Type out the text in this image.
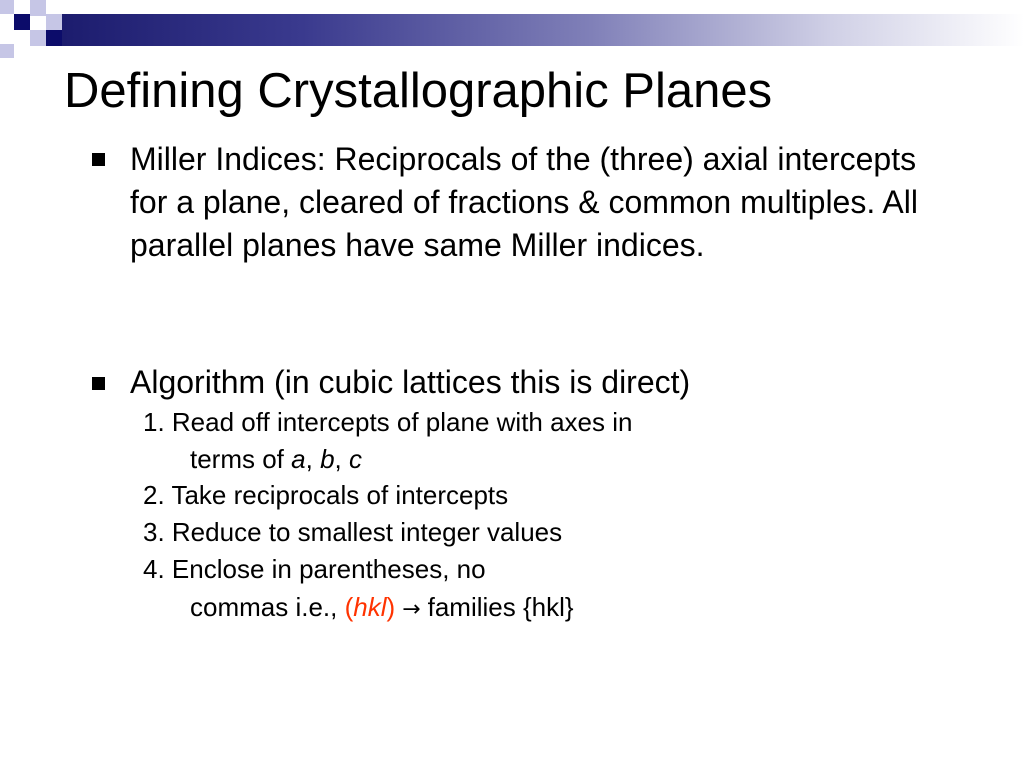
Defining Crystallographic Planes

Miller Indices: Reciprocals of the (three) axial intercepts for a plane, cleared of fractions & common multiples. All parallel planes have same Miller indices.

Algorithm (in cubic lattices this is direct)

1. Read off intercepts of plane with axes in

terms of a, b, c

2. Take reciprocals of intercepts

3. Reduce to smallest integer values

4. Enclose in parentheses, no

commas i.e., (hkl) → families {hkl}
